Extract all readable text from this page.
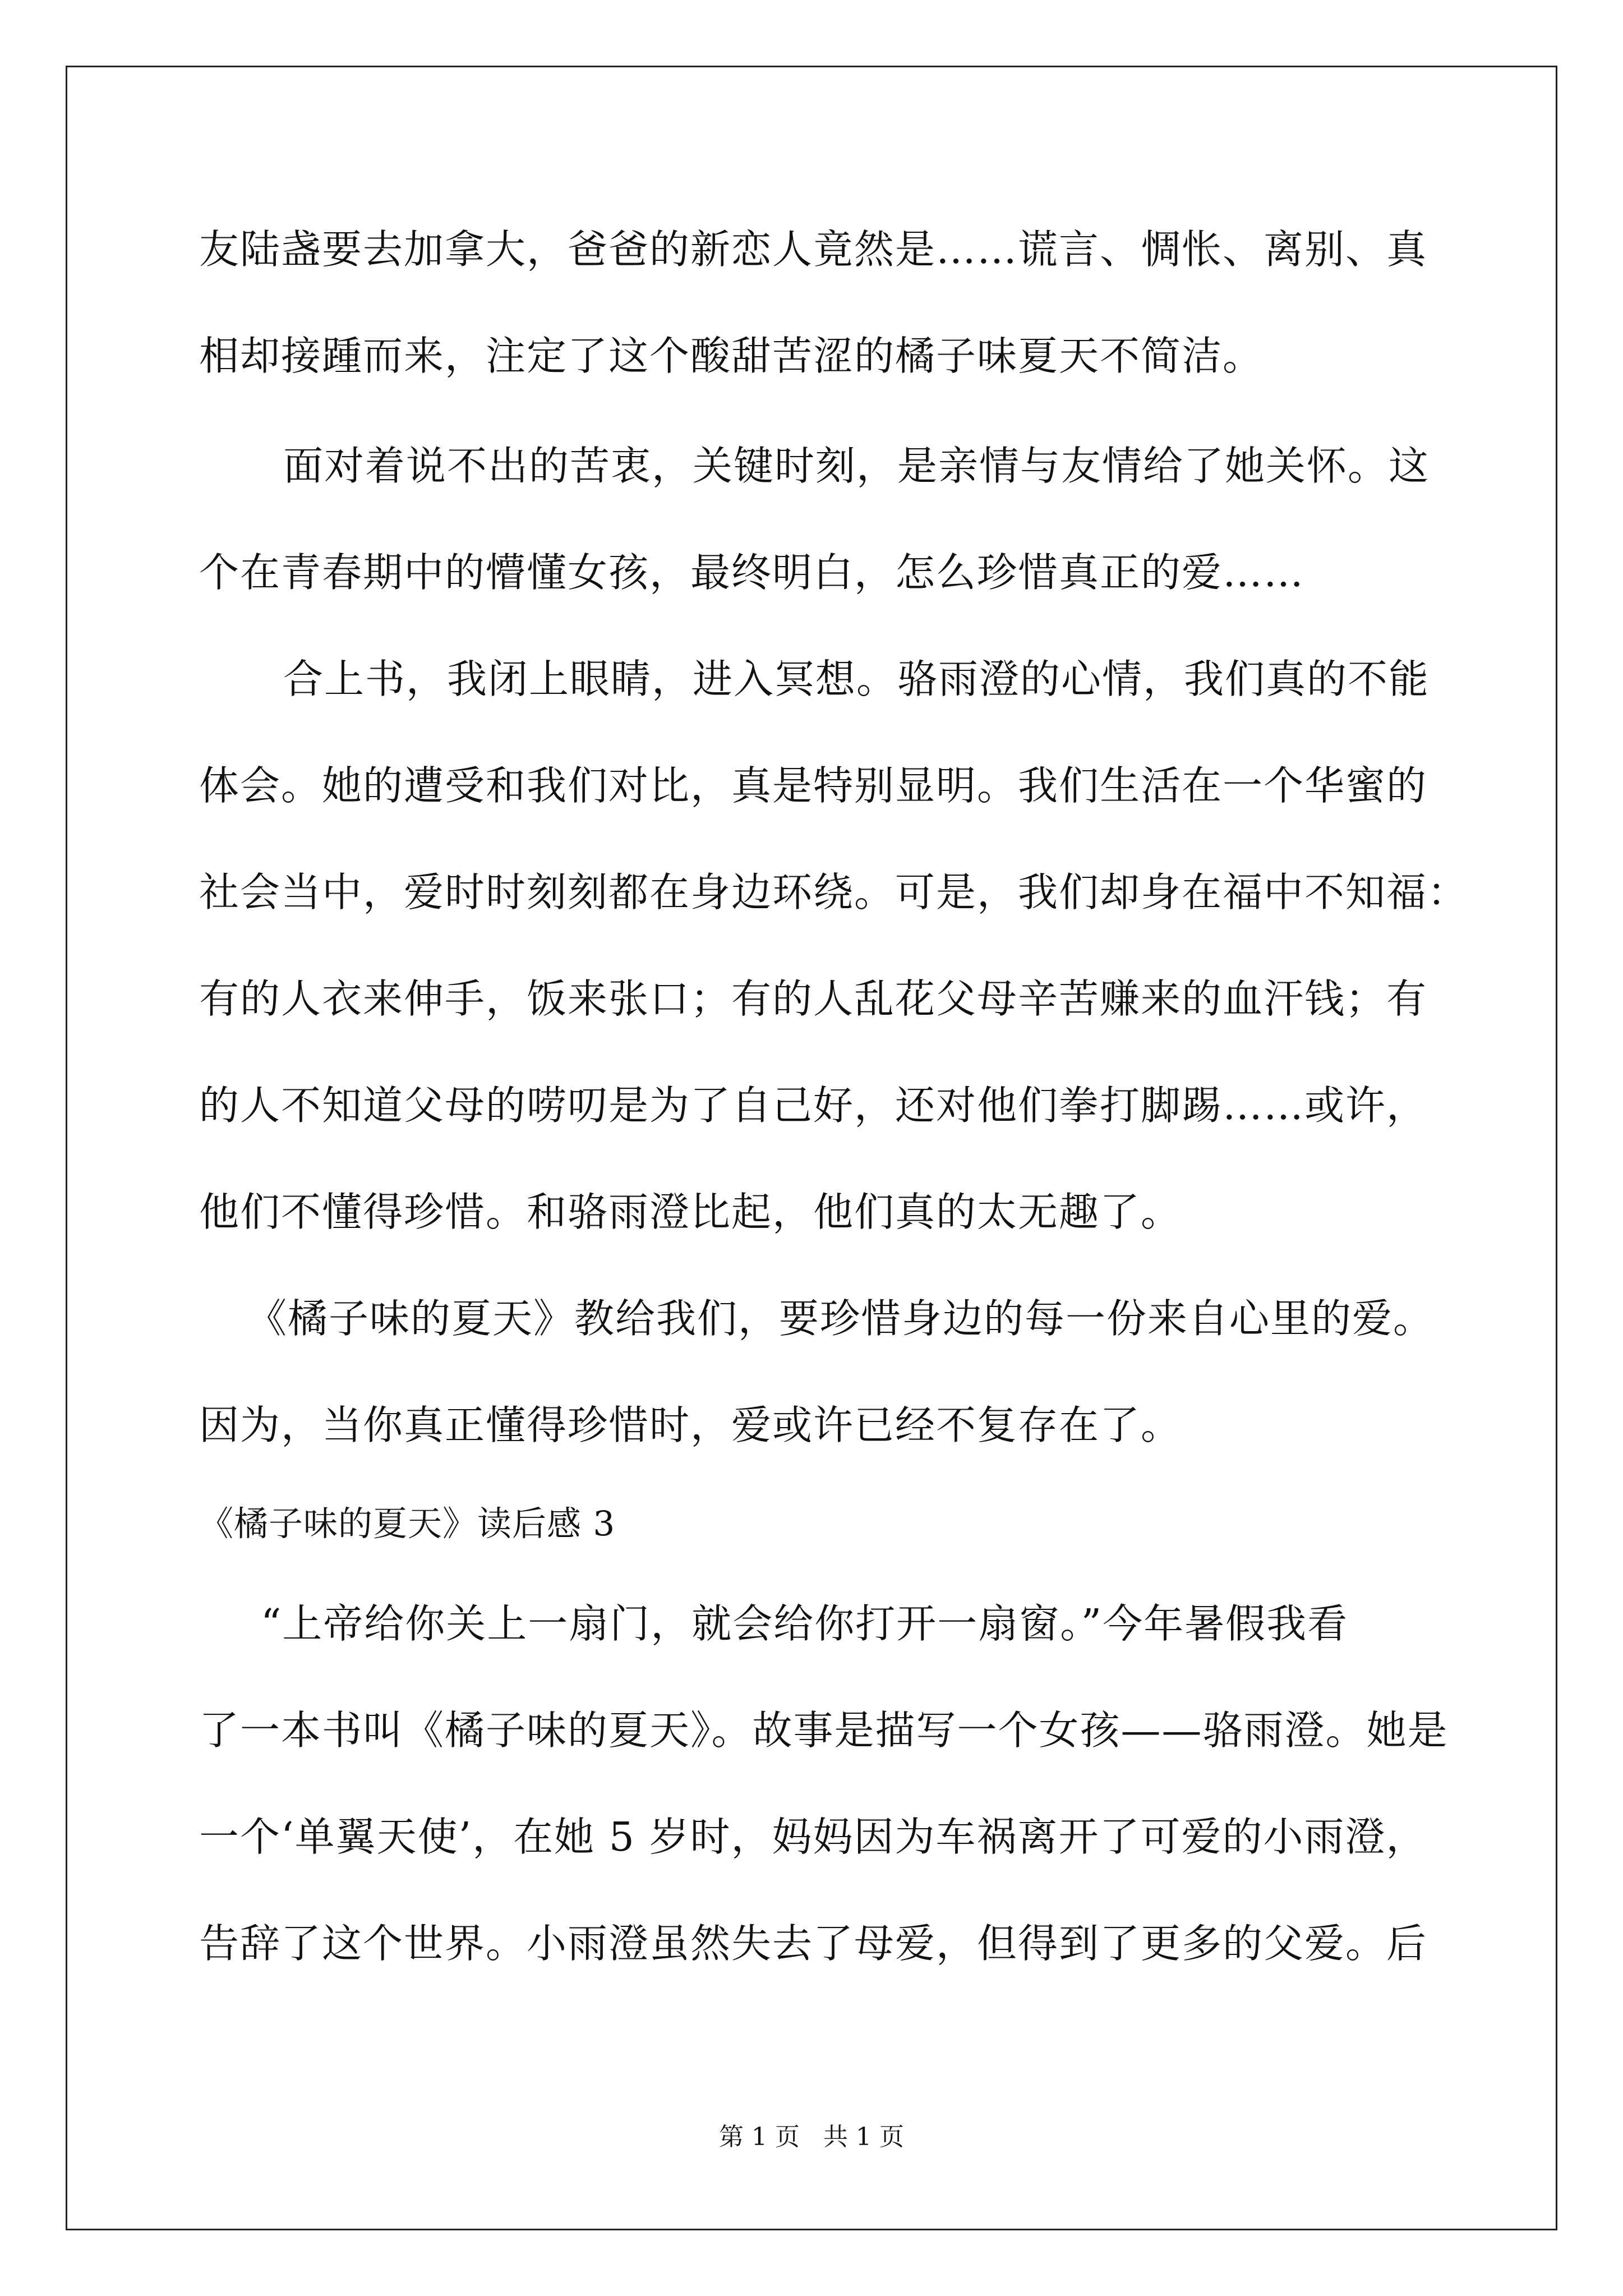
友陆盏要去加拿大，爸爸的新恋人竟然是……谎言、惆怅、离别、真
相却接踵而来，注定了这个酸甜苦涩的橘子味夏天不简洁。
面对着说不出的苦衷，关键时刻，是亲情与友情给了她关怀。这
个在青春期中的懵懂女孩，最终明白，怎么珍惜真正的爱……
合上书，我闭上眼睛，进入冥想。骆雨澄的心情，我们真的不能
体会。她的遭受和我们对比，真是特别显明。我们生活在一个华蜜的
社会当中，爱时时刻刻都在身边环绕。可是，我们却身在福中不知福：
有的人衣来伸手，饭来张口；有的人乱花父母辛苦赚来的血汗钱；有
的人不知道父母的唠叨是为了自己好，还对他们拳打脚踢……或许，
他们不懂得珍惜。和骆雨澄比起，他们真的太无趣了。
《橘子味的夏天》教给我们，要珍惜身边的每一份来自心里的爱。
因为，当你真正懂得珍惜时，爱或许已经不复存在了。
《橘子味的夏天》读后感 3
“上帝给你关上一扇门，就会给你打开一扇窗。”今年暑假我看
了一本书叫《橘子味的夏天》。故事是描写一个女孩——骆雨澄。她是
一个‘单翼天使’，在她 5 岁时，妈妈因为车祸离开了可爱的小雨澄，
告辞了这个世界。小雨澄虽然失去了母爱，但得到了更多的父爱。后
第 1 页   共 1 页
